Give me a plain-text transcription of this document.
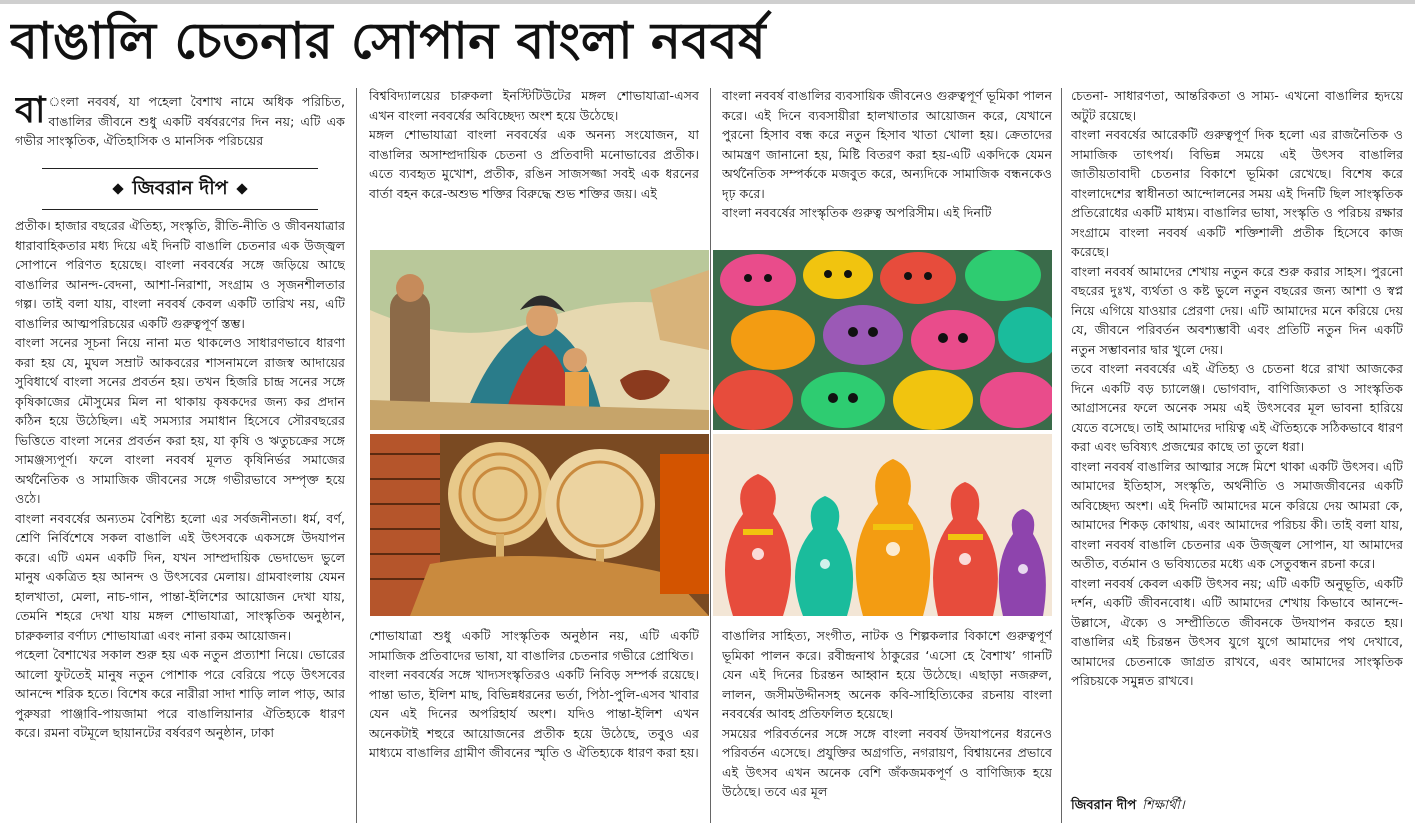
বাঙালি চেতনার সোপান বাংলা নববর্ষ

বা ংলা নববর্ষ, যা পহেলা বৈশাখ নামে অধিক পরিচিত, বাঙালির জীবনে শুধু একটি বর্ষবরণের দিন নয়; এটি এক গভীর সাংস্কৃতিক, ঐতিহাসিক ও মানসিক পরিচয়ের

জিবরান দীপ

প্রতীক। হাজার বছরের ঐতিহ্য, সংস্কৃতি, রীতি-নীতি ও জীবনযাত্রার ধারাবাহিকতার মধ্য দিয়ে এই দিনটি বাঙালি চেতনার এক উজ্জ্বল সোপানে পরিণত হয়েছে। বাংলা নববর্ষের সঙ্গে জড়িয়ে আছে বাঙালির আনন্দ-বেদনা, আশা-নিরাশা, সংগ্রাম ও সৃজনশীলতার গল্প। তাই বলা যায়, বাংলা নববর্ষ কেবল একটি তারিখ নয়, এটি বাঙালির আত্মপরিচয়ের একটি গুরুত্বপূর্ণ স্তম্ভ।

বাংলা সনের সূচনা নিয়ে নানা মত থাকলেও সাধারণভাবে ধারণা করা হয় যে, মুঘল সম্রাট আকবরের শাসনামলে রাজস্ব আদায়ের সুবিধার্থে বাংলা সনের প্রবর্তন হয়। তখন হিজরি চান্দ্র সনের সঙ্গে কৃষিকাজের মৌসুমের মিল না থাকায় কৃষকদের জন্য কর প্রদান কঠিন হয়ে উঠেছিল। এই সমস্যার সমাধান হিসেবে সৌরবছরের ভিত্তিতে বাংলা সনের প্রবর্তন করা হয়, যা কৃষি ও ঋতুচক্রের সঙ্গে সামঞ্জস্যপূর্ণ। ফলে বাংলা নববর্ষ মূলত কৃষিনির্ভর সমাজের অর্থনৈতিক ও সামাজিক জীবনের সঙ্গে গভীরভাবে সম্পৃক্ত হয়ে ওঠে।

বাংলা নববর্ষের অন্যতম বৈশিষ্ট্য হলো এর সর্বজনীনতা। ধর্ম, বর্ণ, শ্রেণি নির্বিশেষে সকল বাঙালি এই উৎসবকে একসঙ্গে উদযাপন করে। এটি এমন একটি দিন, যখন সাম্প্রদায়িক ভেদাভেদ ভুলে মানুষ একত্রিত হয় আনন্দ ও উৎসবের মেলায়। গ্রামবাংলায় যেমন হালখাতা, মেলা, নাচ-গান, পান্তা-ইলিশের আয়োজন দেখা যায়, তেমনি শহরে দেখা যায় মঙ্গল শোভাযাত্রা, সাংস্কৃতিক অনুষ্ঠান, চারুকলার বর্ণাঢ্য শোভাযাত্রা এবং নানা রকম আয়োজন।

পহেলা বৈশাখের সকাল শুরু হয় এক নতুন প্রত্যাশা নিয়ে। ভোরের আলো ফুটতেই মানুষ নতুন পোশাক পরে বেরিয়ে পড়ে উৎসবের আনন্দে শরিক হতে। বিশেষ করে নারীরা সাদা শাড়ি লাল পাড়, আর পুরুষরা পাঞ্জাবি-পায়জামা পরে বাঙালিয়ানার ঐতিহ্যকে ধারণ করে। রমনা বটমূলে ছায়ানটের বর্ষবরণ অনুষ্ঠান, ঢাকা

বিশ্ববিদ্যালয়ের চারুকলা ইনস্টিটিউটের মঙ্গল শোভাযাত্রা-এসব এখন বাংলা নববর্ষের অবিচ্ছেদ্য অংশ হয়ে উঠেছে।

মঙ্গল শোভাযাত্রা বাংলা নববর্ষের এক অনন্য সংযোজন, যা বাঙালির অসাম্প্রদায়িক চেতনা ও প্রতিবাদী মনোভাবের প্রতীক। এতে ব্যবহৃত মুখোশ, প্রতীক, রঙিন সাজসজ্জা সবই এক ধরনের বার্তা বহন করে-অশুভ শক্তির বিরুদ্ধে শুভ শক্তির জয়। এই

বাংলা নববর্ষ বাঙালির ব্যবসায়িক জীবনেও গুরুত্বপূর্ণ ভূমিকা পালন করে। এই দিনে ব্যবসায়ীরা হালখাতার আয়োজন করে, যেখানে পুরনো হিসাব বন্ধ করে নতুন হিসাব খাতা খোলা হয়। ক্রেতাদের আমন্ত্রণ জানানো হয়, মিষ্টি বিতরণ করা হয়-এটি একদিকে যেমন অর্থনৈতিক সম্পর্ককে মজবুত করে, অন্যদিকে সামাজিক বন্ধনকেও দৃঢ় করে।

বাংলা নববর্ষের সাংস্কৃতিক গুরুত্ব অপরিসীম। এই দিনটি

শোভাযাত্রা শুধু একটি সাংস্কৃতিক অনুষ্ঠান নয়, এটি একটি সামাজিক প্রতিবাদের ভাষা, যা বাঙালির চেতনার গভীরে প্রোথিত।

বাংলা নববর্ষের সঙ্গে খাদ্যসংস্কৃতিরও একটি নিবিড় সম্পর্ক রয়েছে। পান্তা ভাত, ইলিশ মাছ, বিভিন্নধরনের ভর্তা, পিঠা-পুলি-এসব খাবার যেন এই দিনের অপরিহার্য অংশ। যদিও পান্তা-ইলিশ এখন অনেকটাই শহুরে আয়োজনের প্রতীক হয়ে উঠেছে, তবুও এর মাধ্যমে বাঙালির গ্রামীণ জীবনের স্মৃতি ও ঐতিহ্যকে ধারণ করা হয়।

বাঙালির সাহিত্য, সংগীত, নাটক ও শিল্পকলার বিকাশে গুরুত্বপূর্ণ ভূমিকা পালন করে। রবীন্দ্রনাথ ঠাকুরের ‘এসো হে বৈশাখ’ গানটি যেন এই দিনের চিরন্তন আহ্বান হয়ে উঠেছে। এছাড়া নজরুল, লালন, জসীমউদ্দীনসহ অনেক কবি-সাহিত্যিকের রচনায় বাংলা নববর্ষের আবহ প্রতিফলিত হয়েছে।

সময়ের পরিবর্তনের সঙ্গে সঙ্গে বাংলা নববর্ষ উদযাপনের ধরনেও পরিবর্তন এসেছে। প্রযুক্তির অগ্রগতি, নগরায়ণ, বিশ্বায়নের প্রভাবে এই উৎসব এখন অনেক বেশি জঁকজমকপূর্ণ ও বাণিজ্যিক হয়ে উঠেছে। তবে এর মূল

চেতনা- সাধারণতা, আন্তরিকতা ও সাম্য- এখনো বাঙালির হৃদয়ে অটুট রয়েছে।

বাংলা নববর্ষের আরেকটি গুরুত্বপূর্ণ দিক হলো এর রাজনৈতিক ও সামাজিক তাৎপর্য। বিভিন্ন সময়ে এই উৎসব বাঙালির জাতীয়তাবাদী চেতনার বিকাশে ভূমিকা রেখেছে। বিশেষ করে বাংলাদেশের স্বাধীনতা আন্দোলনের সময় এই দিনটি ছিল সাংস্কৃতিক প্রতিরোধের একটি মাধ্যম। বাঙালির ভাষা, সংস্কৃতি ও পরিচয় রক্ষার সংগ্রামে বাংলা নববর্ষ একটি শক্তিশালী প্রতীক হিসেবে কাজ করেছে।

বাংলা নববর্ষ আমাদের শেখায় নতুন করে শুরু করার সাহস। পুরনো বছরের দুঃখ, ব্যর্থতা ও কষ্ট ভুলে নতুন বছরের জন্য আশা ও স্বপ্ন নিয়ে এগিয়ে যাওয়ার প্রেরণা দেয়। এটি আমাদের মনে করিয়ে দেয় যে, জীবনে পরিবর্তন অবশ্যম্ভাবী এবং প্রতিটি নতুন দিন একটি নতুন সম্ভাবনার দ্বার খুলে দেয়।

তবে বাংলা নববর্ষের এই ঐতিহ্য ও চেতনা ধরে রাখা আজকের দিনে একটি বড় চ্যালেঞ্জ। ভোগবাদ, বাণিজ্যিকতা ও সাংস্কৃতিক আগ্রাসনের ফলে অনেক সময় এই উৎসবের মূল ভাবনা হারিয়ে যেতে বসেছে। তাই আমাদের দায়িত্ব এই ঐতিহ্যকে সঠিকভাবে ধারণ করা এবং ভবিষ্যৎ প্রজন্মের কাছে তা তুলে ধরা।

বাংলা নববর্ষ বাঙালির আত্মার সঙ্গে মিশে থাকা একটি উৎসব। এটি আমাদের ইতিহাস, সংস্কৃতি, অর্থনীতি ও সমাজজীবনের একটি অবিচ্ছেদ্য অংশ। এই দিনটি আমাদের মনে করিয়ে দেয় আমরা কে, আমাদের শিকড় কোথায়, এবং আমাদের পরিচয় কী। তাই বলা যায়, বাংলা নববর্ষ বাঙালি চেতনার এক উজ্জ্বল সোপান, যা আমাদের অতীত, বর্তমান ও ভবিষ্যতের মধ্যে এক সেতুবন্ধন রচনা করে।

বাংলা নববর্ষ কেবল একটি উৎসব নয়; এটি একটি অনুভূতি, একটি দর্শন, একটি জীবনবোধ। এটি আমাদের শেখায় কিভাবে আনন্দে-উল্লাসে, ঐক্যে ও সম্প্রীতিতে জীবনকে উদযাপন করতে হয়। বাঙালির এই চিরন্তন উৎসব যুগে যুগে আমাদের পথ দেখাবে, আমাদের চেতনাকে জাগ্রত রাখবে, এবং আমাদের সাংস্কৃতিক পরিচয়কে সমুন্নত রাখবে।

জিবরান দীপ শিক্ষার্থী।
